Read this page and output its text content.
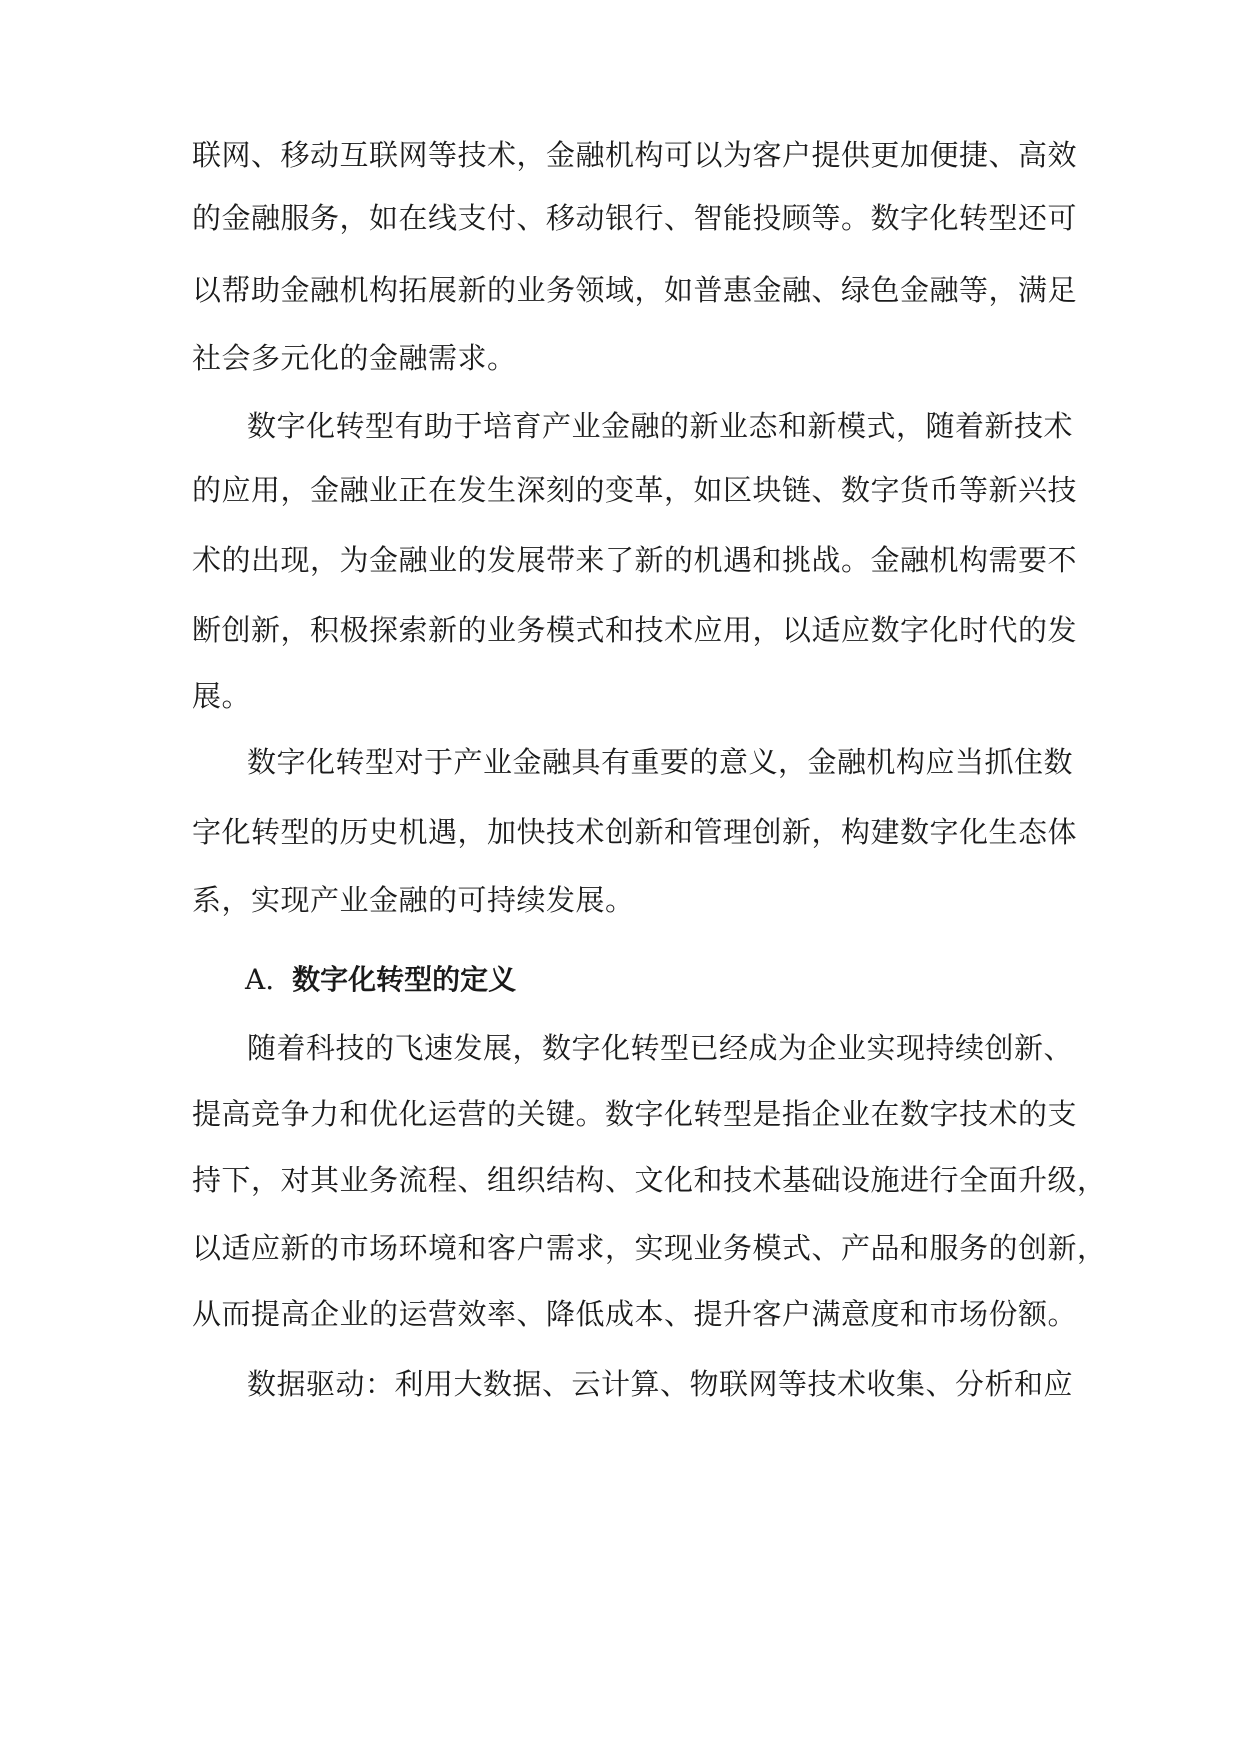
联网、移动互联网等技术，金融机构可以为客户提供更加便捷、高效
的金融服务，如在线支付、移动银行、智能投顾等。数字化转型还可
以帮助金融机构拓展新的业务领域，如普惠金融、绿色金融等，满足
社会多元化的金融需求。
数字化转型有助于培育产业金融的新业态和新模式，随着新技术
的应用，金融业正在发生深刻的变革，如区块链、数字货币等新兴技
术的出现，为金融业的发展带来了新的机遇和挑战。金融机构需要不
断创新，积极探索新的业务模式和技术应用，以适应数字化时代的发
展。
数字化转型对于产业金融具有重要的意义，金融机构应当抓住数
字化转型的历史机遇，加快技术创新和管理创新，构建数字化生态体
系，实现产业金融的可持续发展。
A. 数字化转型的定义
随着科技的飞速发展，数字化转型已经成为企业实现持续创新、
提高竞争力和优化运营的关键。数字化转型是指企业在数字技术的支
持下，对其业务流程、组织结构、文化和技术基础设施进行全面升级，
以适应新的市场环境和客户需求，实现业务模式、产品和服务的创新，
从而提高企业的运营效率、降低成本、提升客户满意度和市场份额。
数据驱动：利用大数据、云计算、物联网等技术收集、分析和应
